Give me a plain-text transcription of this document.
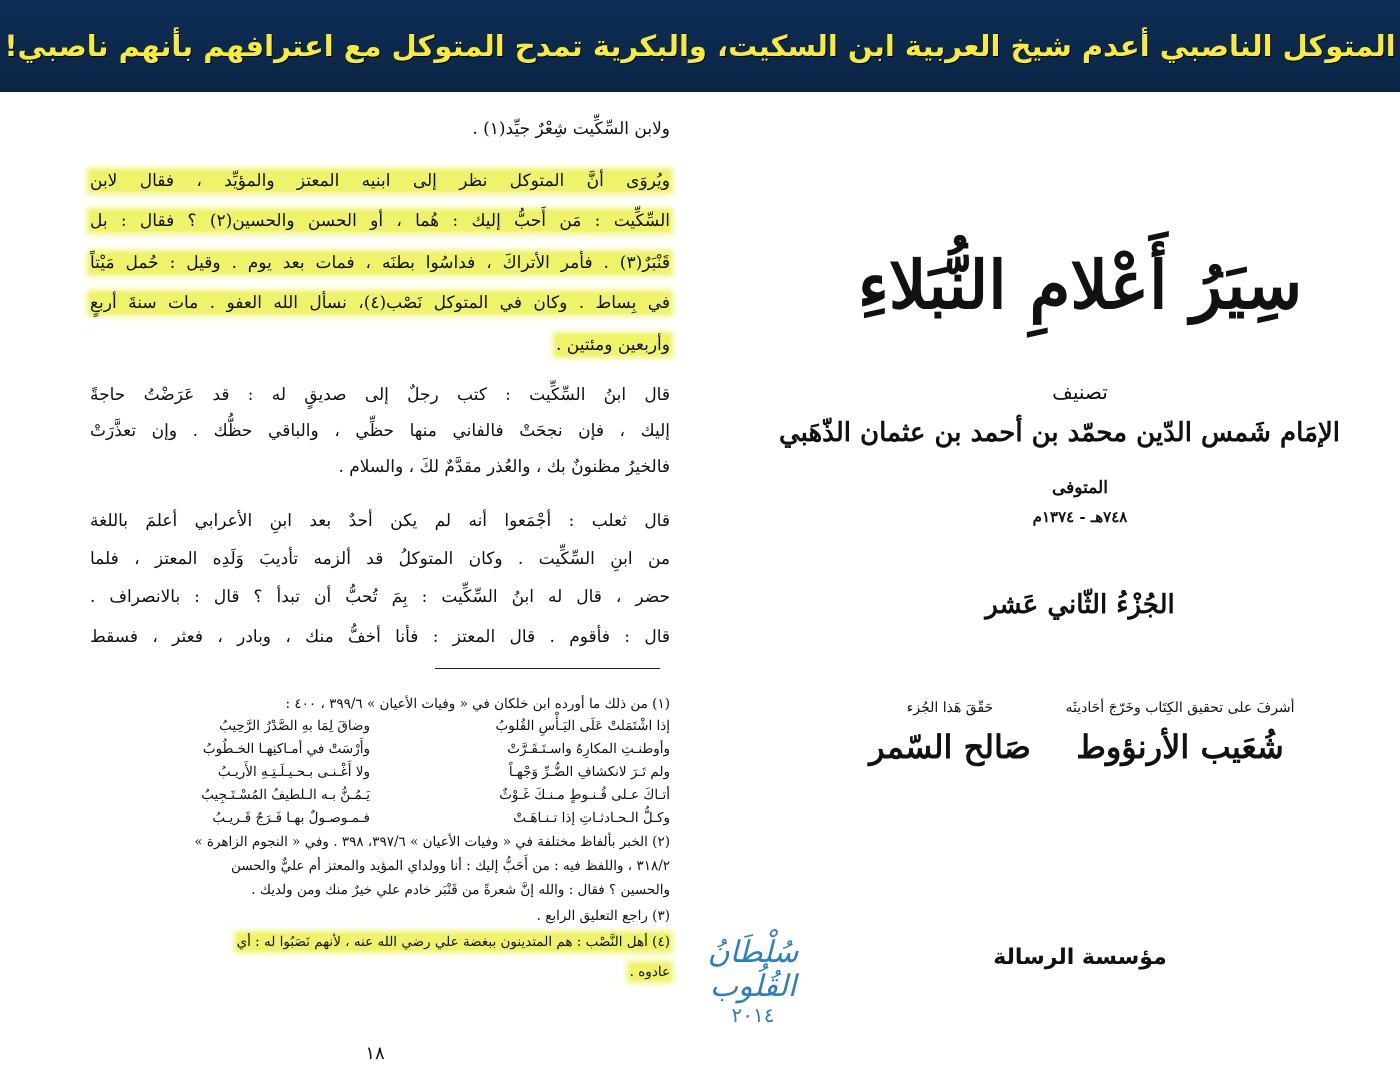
المتوكل الناصبي أعدم شيخ العربية ابن السكيت، والبكرية تمدح المتوكل مع اعترافهم بأنهم ناصبي!
ولابن السِّكِّيت شِعْرٌ جيِّد(١) .
ويُروَى أنَّ المتوكل نظر إلى ابنيه المعتز والمؤيِّد ، فقال لابن
السِّكِّيت : مَن أَحبُّ إليك : هُما ، أو الحسن والحسين(٢) ؟ فقال : بل
قَنْبَرٌ(٣) . فأمر الأتراكَ ، فداسُوا بطنَه ، فمات بعد يوم . وقيل : حُمل مَيْتاً
في بِساط . وكان في المتوكل نَصْب(٤)، نسأل الله العفو . مات سنةَ أربعٍ
وأربعين ومئتين .
قال ابنُ السِّكِّيت : كتب رجلٌ إلى صديقٍ له : قد عَرَضْتُ حاجةً
إليك ، فإن نجحَتْ فالفاني منها حظِّي ، والباقي حظُّك . وإن تعذَّرَتْ
فالخيرُ مظنونٌ بك ، والعُذر مقدَّمٌ لكَ ، والسلام .
قال ثعلب : أجْمَعوا أنه لم يكن أحدٌ بعد ابنِ الأعرابي أعلمَ باللغة
من ابنِ السِّكِّيت . وكان المتوكلُ قد ألزمه تأديبَ وَلَدِه المعتز ، فلما
حضر ، قال له ابنُ السِّكِّيت : بِمَ تُحبُّ أن تبدأ ؟ قال : بالانصراف .
قال : فأقوم . قال المعتز : فأنا أخفُّ منك ، وبادر ، فعثر ، فسقط
(١) من ذلك ما أورده ابن خلكان في « وفيات الأعيان » ٣٩٩/٦ ، ٤٠٠ :
إذا اشْتَمَلتْ عَلَى اليَـأْسِ القُلوبُ
وضاقَ لِمَا بهِ الصَّدْرُ الرَّحِيبُ
وأوطنـتِ المكارِهُ واسـتَـقَـرَّتْ
وأَرْسَتْ في أمـاكنِهـا الخـطُوبُ
ولم تَـرَ لانكشافِ الضُّـرِّ وَجْهـاً
ولا أَغْـنـى بـحـيـلَـتِـهِ الأَريـبُ
أتـاكَ عـلى قُـنـوطٍ مـنـكَ غَـوْثٌ
يَـمُـنُّ بـه الـلطيفُ المُسْـتَـجِيبُ
وكـلُّ الـحـادثـاتِ إذا تـنـاهَـتْ
فـمـوصـولٌ بهـا فَـرَجٌ قَـريـبُ
(٢) الخبر بألفاظ مختلفة في « وفيات الأعيان » ٣٩٧/٦، ٣٩٨ . وفي « النجوم الزاهرة »
٣١٨/٢ ، واللفظ فيه : من أَحَبُّ إليك : أنا وولداي المؤيد والمعتز أم عليٌّ والحسن
والحسين ؟ فقال : والله إنَّ شعرةً من قَنْبَر خادم علي خيرٌ منك ومن ولديك .
(٣) راجع التعليق الرابع .
(٤) أهل النَّصْب : هم المتدينون ببغضة علي رضي الله عنه ، لأنهم نَصَبُوا له : أي
عادوه .
١٨
سُلْطَانُ القُلُوب
٢٠١٤
سِيَرُ أَعْلامِ النُّبَلاءِ
تصنيف
الإمَام شَمس الدّين محمّد بن أحمد بن عثمان الذّهَبي
المتوفى
٧٤٨هـ - ١٣٧٤م
الجُزْءُ الثّاني عَشر
أشرفَ على تحقيق الكِتَاب وخَرّجَ أحَاديثَه
شُعَيب الأرنؤوط
حَقّقَ هَذا الجُزء
صَالح السّمر
مؤسسة الرسالة
